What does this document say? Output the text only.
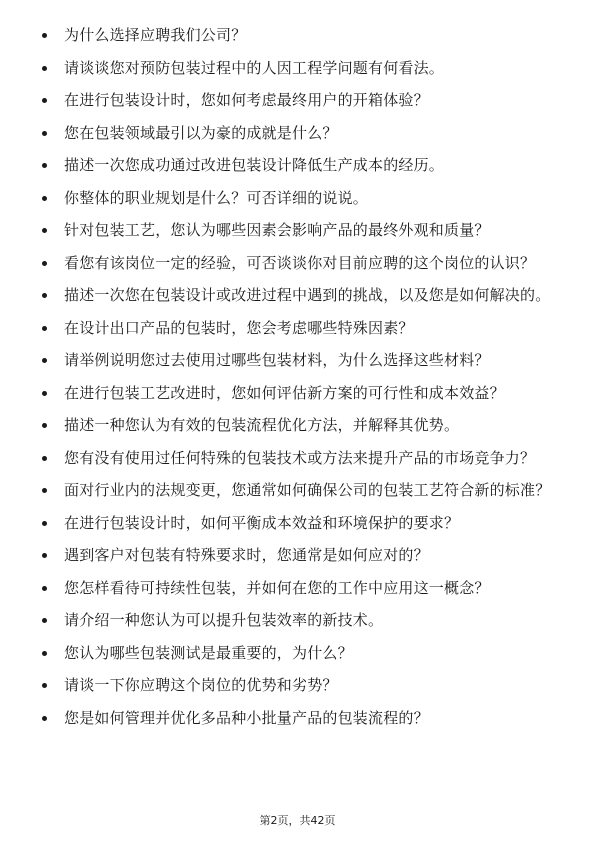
为什么选择应聘我们公司？
请谈谈您对预防包装过程中的人因工程学问题有何看法。
在进行包装设计时，您如何考虑最终用户的开箱体验？
您在包装领域最引以为豪的成就是什么？
描述一次您成功通过改进包装设计降低生产成本的经历。
你整体的职业规划是什么？可否详细的说说。
针对包装工艺，您认为哪些因素会影响产品的最终外观和质量？
看您有该岗位一定的经验，可否谈谈你对目前应聘的这个岗位的认识？
描述一次您在包装设计或改进过程中遇到的挑战，以及您是如何解决的。
在设计出口产品的包装时，您会考虑哪些特殊因素？
请举例说明您过去使用过哪些包装材料，为什么选择这些材料？
在进行包装工艺改进时，您如何评估新方案的可行性和成本效益？
描述一种您认为有效的包装流程优化方法，并解释其优势。
您有没有使用过任何特殊的包装技术或方法来提升产品的市场竞争力？
面对行业内的法规变更，您通常如何确保公司的包装工艺符合新的标准？
在进行包装设计时，如何平衡成本效益和环境保护的要求？
遇到客户对包装有特殊要求时，您通常是如何应对的？
您怎样看待可持续性包装，并如何在您的工作中应用这一概念？
请介绍一种您认为可以提升包装效率的新技术。
您认为哪些包装测试是最重要的，为什么？
请谈一下你应聘这个岗位的优势和劣势？
您是如何管理并优化多品种小批量产品的包装流程的？
第2页，共42页
